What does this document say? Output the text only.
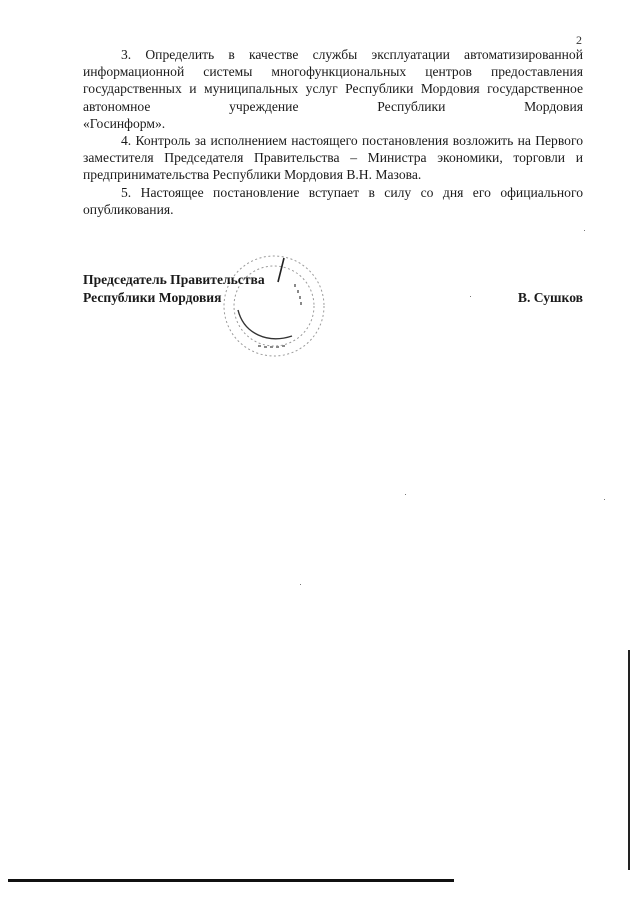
2

3. Определить в качестве службы эксплуатации автоматизированной информационной системы многофункциональных центров предоставления государственных и муниципальных услуг Республики Мордовия государственное автономное учреждение Республики Мордовия
«Госинформ».

4. Контроль за исполнением настоящего постановления возложить на Первого заместителя Председателя Правительства – Министра экономики, торговли и предпринимательства Республики Мордовия В.Н. Мазова.

5. Настоящее постановление вступает в силу со дня его официального опубликования.

Председатель Правительства
Республики Мордовия	В. Сушков
